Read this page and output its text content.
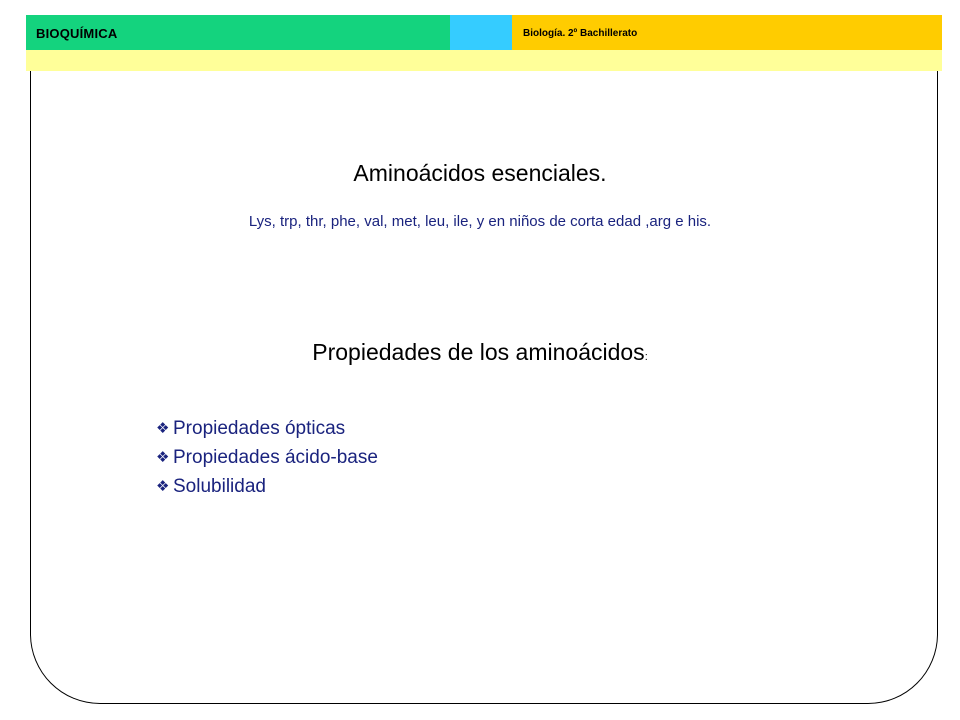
BIOQUÍMICA	Biología. 2º Bachillerato
Aminoácidos esenciales.
Lys, trp, thr, phe, val, met, leu, ile, y en niños de corta edad ,arg e his.
Propiedades de los aminoácidos:
❖ Propiedades ópticas
❖ Propiedades ácido-base
❖ Solubilidad
